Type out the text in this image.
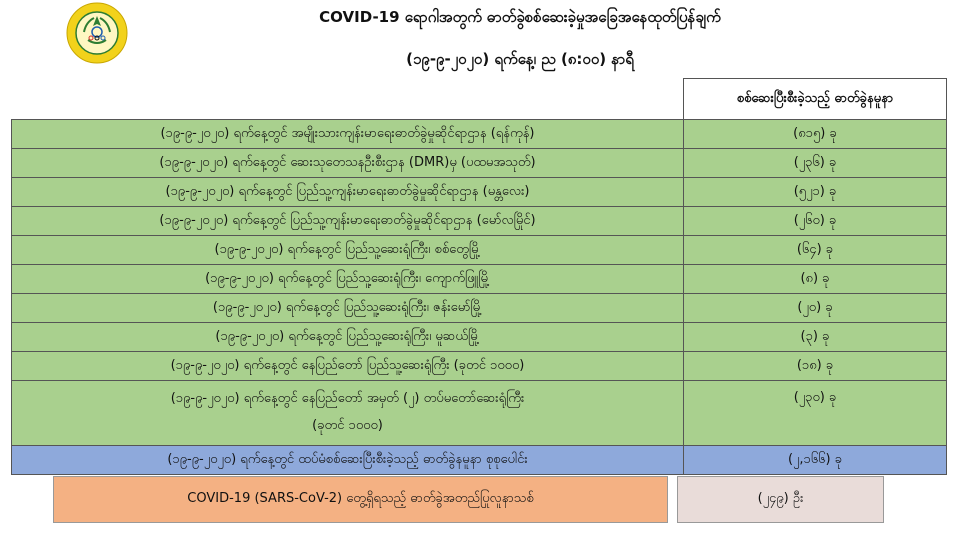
COVID-19 ရောဂါအတွက် ဓာတ်ခွဲစစ်ဆေးခဲ့မှုအခြေအနေထုတ်ပြန်ချက်
(၁၉-၉-၂၀၂၀) ရက်နေ့၊ ည (၈:၀၀) နာရီ
	စစ်ဆေးပြီးစီးခဲ့သည့် ဓာတ်ခွဲနမူနာ
(၁၉-၉-၂၀၂၀) ရက်နေ့တွင် အမျိုးသားကျန်းမာရေးဓာတ်ခွဲမှုဆိုင်ရာဌာန (ရန်ကုန်)	(၈၁၅) ခု
(၁၉-၉-၂၀၂၀) ရက်နေ့တွင် ဆေးသုတေသနဦးစီးဌာန (DMR)မှ (ပထမအသုတ်)	(၂၃၆) ခု
(၁၉-၉-၂၀၂၀) ရက်နေ့တွင် ပြည်သူ့ကျန်းမာရေးဓာတ်ခွဲမှုဆိုင်ရာဌာန (မန္တလေး)	(၅၂၁) ခု
(၁၉-၉-၂၀၂၀) ရက်နေ့တွင် ပြည်သူ့ကျန်းမာရေးဓာတ်ခွဲမှုဆိုင်ရာဌာန (မော်လမြိုင်)	(၂၆၀) ခု
(၁၉-၉-၂၀၂၀) ရက်နေ့တွင် ပြည်သူ့ဆေးရုံကြီး၊ စစ်တွေမြို့	(၆၄) ခု
(၁၉-၉-၂၀၂၀) ရက်နေ့တွင် ပြည်သူ့ဆေးရုံကြီး၊ ကျောက်ဖြူမြို့	(၈) ခု
(၁၉-၉-၂၀၂၀) ရက်နေ့တွင် ပြည်သူ့ဆေးရုံကြီး၊ ဇန်းမော်မြို့	(၂၀) ခု
(၁၉-၉-၂၀၂၀) ရက်နေ့တွင် ပြည်သူ့ဆေးရုံကြီး၊ မူဆယ်မြို့	(၃) ခု
(၁၉-၉-၂၀၂၀) ရက်နေ့တွင် နေပြည်တော် ပြည်သူ့ဆေးရုံကြီး (ခုတင် ၁၀၀၀)	(၁၈) ခု

(၁၉-၉-၂၀၂၀) ရက်နေ့တွင် နေပြည်တော် အမှတ် (၂) တပ်မတော်ဆေးရုံကြီး
(ခုတင် ၁၀၀၀)	(၂၃၀) ခု
(၁၉-၉-၂၀၂၀) ရက်နေ့တွင် ထပ်မံစစ်ဆေးပြီးစီးခဲ့သည့် ဓာတ်ခွဲနမူနာ စုစုပေါင်း	(၂,၁၆၆) ခု
COVID-19 (SARS-CoV-2) တွေ့ရှိရသည့် ဓာတ်ခွဲအတည်ပြုလူနာသစ်	(၂၄၉) ဦး
